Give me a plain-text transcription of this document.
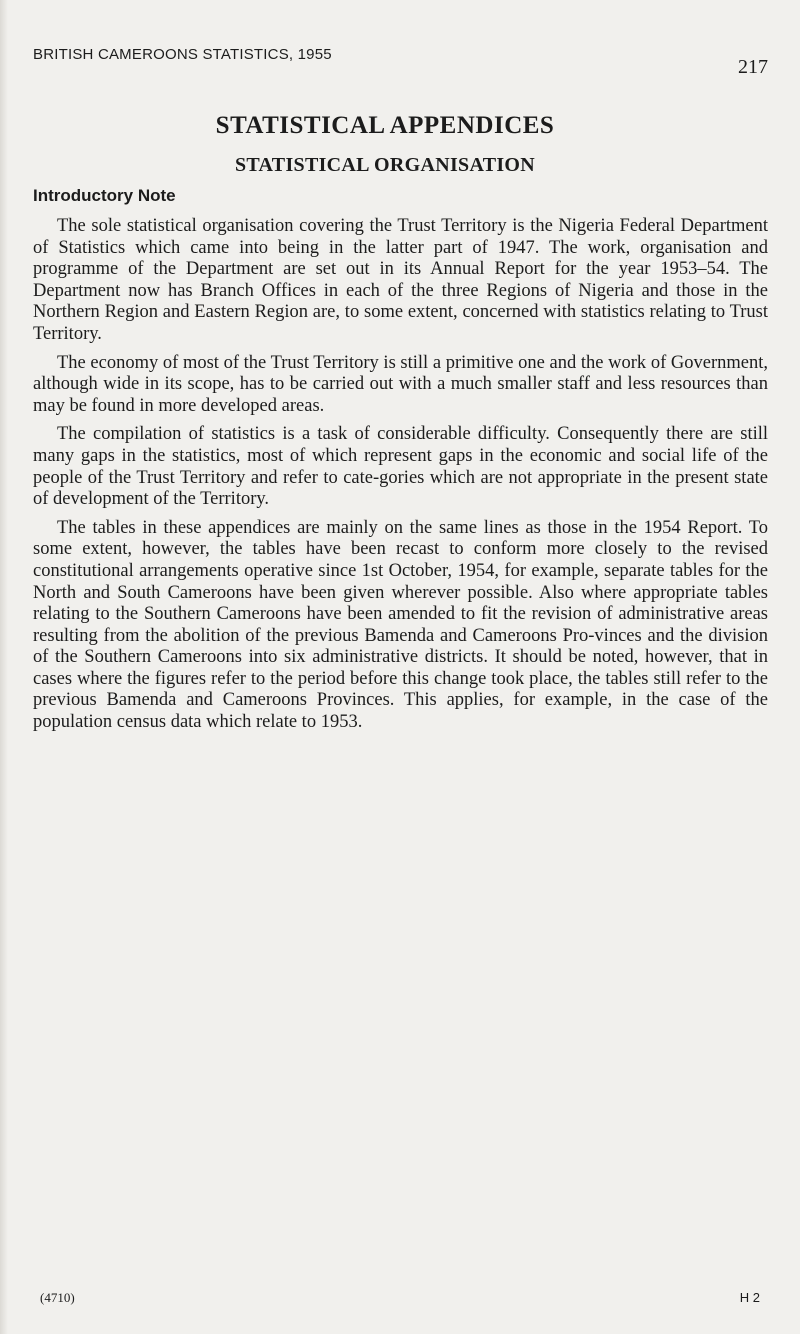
BRITISH CAMEROONS STATISTICS, 1955
217
STATISTICAL APPENDICES
STATISTICAL ORGANISATION
Introductory Note

The sole statistical organisation covering the Trust Territory is the Nigeria Federal Department of Statistics which came into being in the latter part of 1947. The work, organisation and programme of the Department are set out in its Annual Report for the year 1953–54. The Department now has Branch Offices in each of the three Regions of Nigeria and those in the Northern Region and Eastern Region are, to some extent, concerned with statistics relating to Trust Territory.

The economy of most of the Trust Territory is still a primitive one and the work of Government, although wide in its scope, has to be carried out with a much smaller staff and less resources than may be found in more developed areas.

The compilation of statistics is a task of considerable difficulty. Consequently there are still many gaps in the statistics, most of which represent gaps in the economic and social life of the people of the Trust Territory and refer to cate-gories which are not appropriate in the present state of development of the Territory.

The tables in these appendices are mainly on the same lines as those in the 1954 Report. To some extent, however, the tables have been recast to conform more closely to the revised constitutional arrangements operative since 1st October, 1954, for example, separate tables for the North and South Cameroons have been given wherever possible. Also where appropriate tables relating to the Southern Cameroons have been amended to fit the revision of administrative areas resulting from the abolition of the previous Bamenda and Cameroons Pro-vinces and the division of the Southern Cameroons into six administrative districts. It should be noted, however, that in cases where the figures refer to the period before this change took place, the tables still refer to the previous Bamenda and Cameroons Provinces. This applies, for example, in the case of the population census data which relate to 1953.

(4710)	H 2
